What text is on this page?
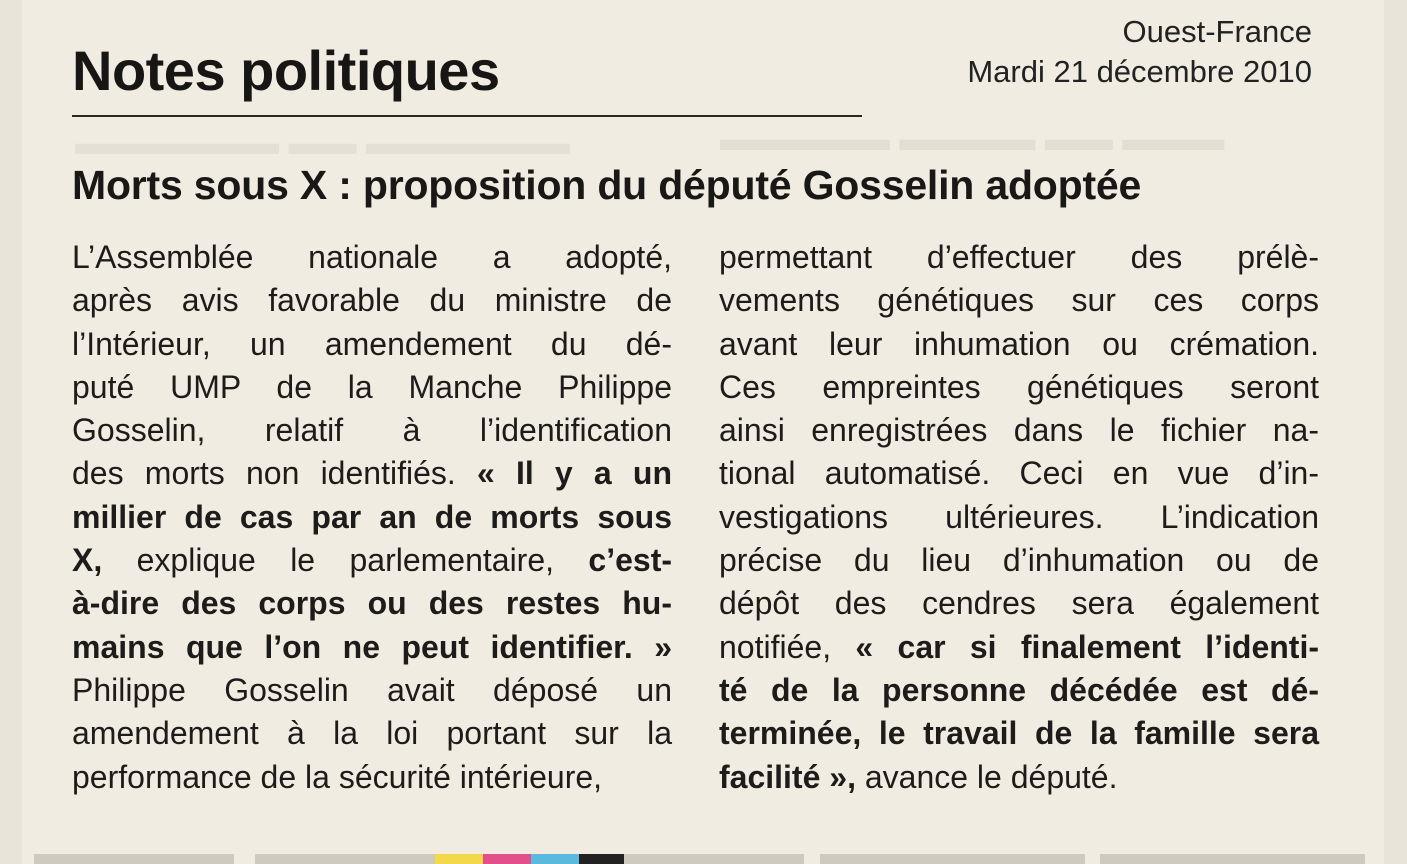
▬▬▬ ▬▬ ▬▬▬▬ ▬▬▬▬▬
▬▬▬▬▬▬ ▬▬ ▬▬▬▬▬▬
Notes politiques
Ouest-France
Mardi 21 décembre 2010
Morts sous X : proposition du député Gosselin adoptée
L’Assemblée nationale a adopté,
après avis favorable du ministre de
l’Intérieur, un amendement du dé-
puté UMP de la Manche Philippe
Gosselin, relatif à l’identification
des morts non identifiés. « Il y a un
millier de cas par an de morts sous
X, explique le parlementaire, c’est-
à-dire des corps ou des restes hu-
mains que l’on ne peut identifier. »
Philippe Gosselin avait déposé un
amendement à la loi portant sur la
performance de la sécurité intérieure,
permettant d’effectuer des prélè-
vements génétiques sur ces corps
avant leur inhumation ou crémation.
Ces empreintes génétiques seront
ainsi enregistrées dans le fichier na-
tional automatisé. Ceci en vue d’in-
vestigations ultérieures. L’indication
précise du lieu d’inhumation ou de
dépôt des cendres sera également
notifiée, « car si finalement l’identi-
té de la personne décédée est dé-
terminée, le travail de la famille sera
facilité », avance le député.
